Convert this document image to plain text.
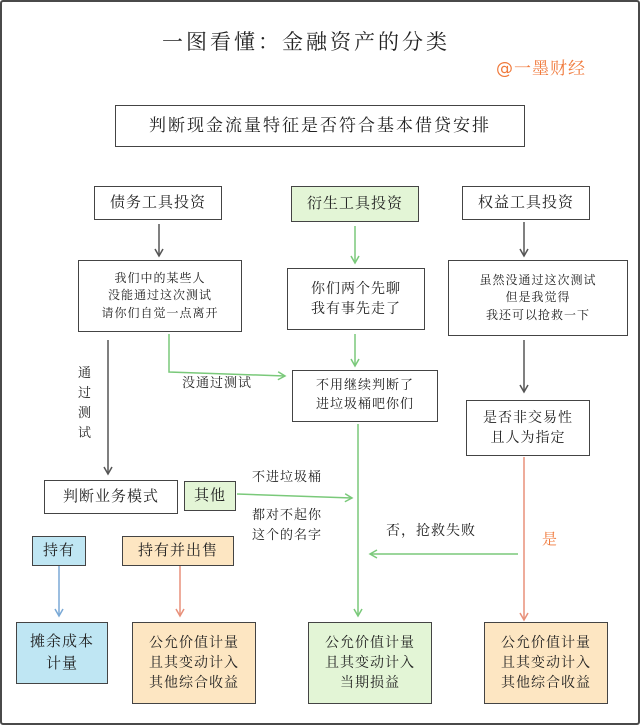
一图看懂：金融资产的分类
@一墨财经
判断现金流量特征是否符合基本借贷安排
债务工具投资	衍生工具投资	权益工具投资
我们中的某些人
没能通过这次测试
请你们自觉一点离开
你们两个先聊
我有事先走了
虽然没通过这次测试
但是我觉得
我还可以抢救一下
没通过测试
通
过
测
试
不用继续判断了
进垃圾桶吧你们
是否非交易性
且人为指定
判断业务模式 其他
不进垃圾桶
都对不起你
这个的名字	否，抢救失败	是
持有	持有并出售
摊余成本
计量
公允价值计量
且其变动计入
其他综合收益
公允价值计量
且其变动计入
当期损益
公允价值计量
且其变动计入
其他综合收益
